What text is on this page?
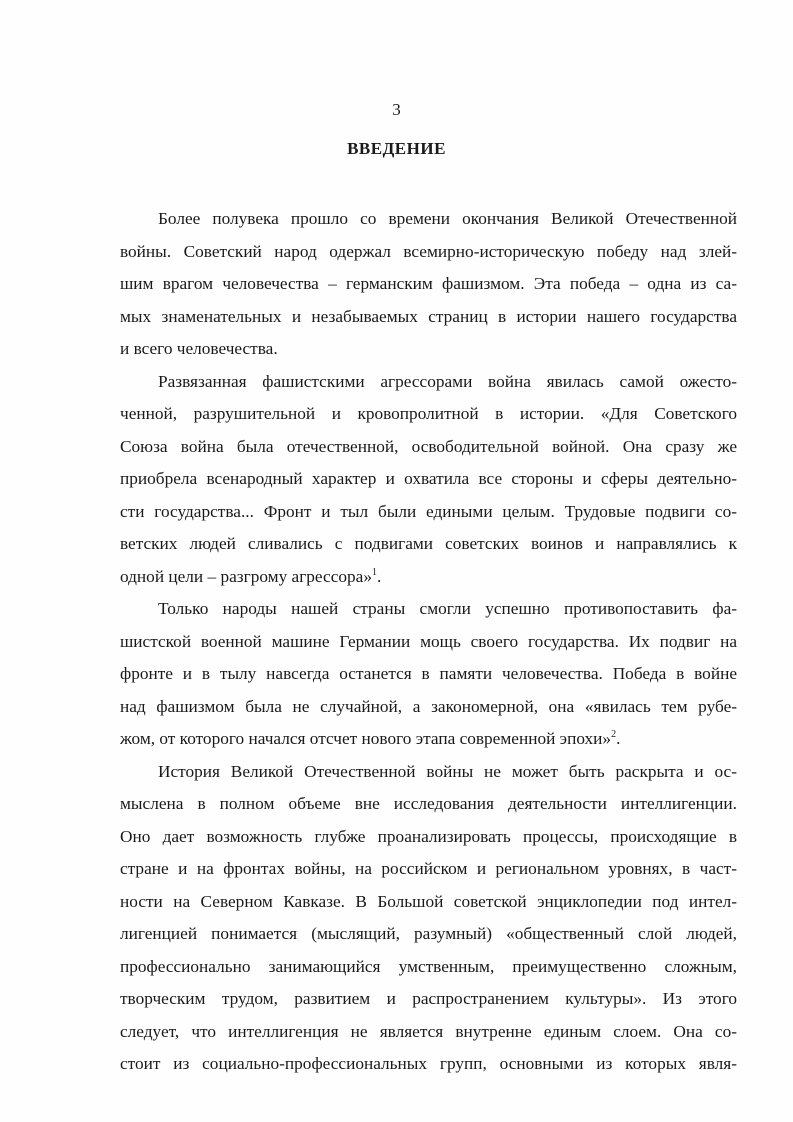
3
ВВЕДЕНИЕ
Более полувека прошло со времени окончания Великой Отечественной
войны. Советский народ одержал всемирно-историческую победу над злей-
шим врагом человечества – германским фашизмом. Эта победа – одна из са-
мых знаменательных и незабываемых страниц в истории нашего государства
и всего человечества.
Развязанная фашистскими агрессорами война явилась самой ожесто-
ченной, разрушительной и кровопролитной в истории. «Для Советского
Союза война была отечественной, освободительной войной. Она сразу же
приобрела всенародный характер и охватила все стороны и сферы деятельно-
сти государства... Фронт и тыл были едиными целым. Трудовые подвиги со-
ветских людей сливались с подвигами советских воинов и направлялись к
одной цели – разгрому агрессора»$^1$.
Только народы нашей страны смогли успешно противопоставить фа-
шистской военной машине Германии мощь своего государства. Их подвиг на
фронте и в тылу навсегда останется в памяти человечества. Победа в войне
над фашизмом была не случайной, а закономерной, она «явилась тем рубе-
жом, от которого начался отсчет нового этапа современной эпохи»$^2$.
История Великой Отечественной войны не может быть раскрыта и ос-
мыслена в полном объеме вне исследования деятельности интеллигенции.
Оно дает возможность глубже проанализировать процессы, происходящие в
стране и на фронтах войны, на российском и региональном уровнях, в част-
ности на Северном Кавказе. В Большой советской энциклопедии под интел-
лигенцией понимается (мыслящий, разумный) «общественный слой людей,
профессионально занимающийся умственным, преимущественно сложным,
творческим трудом, развитием и распространением культуры». Из этого
следует, что интеллигенция не является внутренне единым слоем. Она со-
стоит из социально-профессиональных групп, основными из которых явля-
